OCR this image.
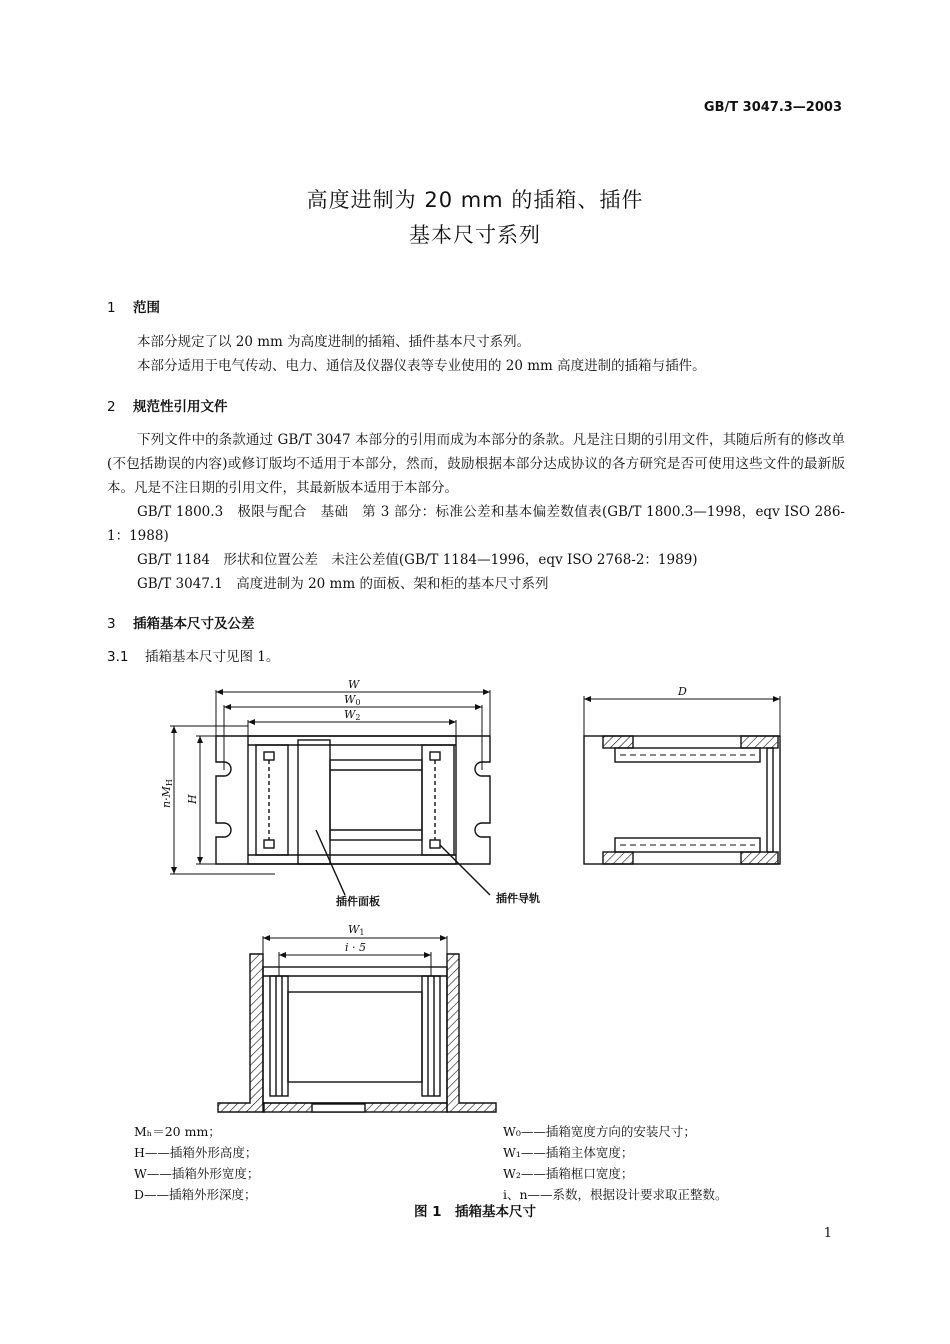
GB/T 3047.3—2003
高度进制为 20 mm 的插箱、插件
基本尺寸系列
1 范围
本部分规定了以 20 mm 为高度进制的插箱、插件基本尺寸系列。
本部分适用于电气传动、电力、通信及仪器仪表等专业使用的 20 mm 高度进制的插箱与插件。
2 规范性引用文件
下列文件中的条款通过 GB/T 3047 本部分的引用而成为本部分的条款。凡是注日期的引用文件，其随后所有的修改单(不包括勘误的内容)或修订版均不适用于本部分，然而，鼓励根据本部分达成协议的各方研究是否可使用这些文件的最新版本。凡是不注日期的引用文件，其最新版本适用于本部分。
GB/T 1800.3　极限与配合　基础　第 3 部分：标准公差和基本偏差数值表(GB/T 1800.3—1998，eqv ISO 286-1：1988)
GB/T 1184　形状和位置公差　未注公差值(GB/T 1184—1996，eqv ISO 2768-2：1989)
GB/T 3047.1　高度进制为 20 mm 的面板、架和柜的基本尺寸系列
3 插箱基本尺寸及公差
3.1 插箱基本尺寸见图 1。
W
W0
W2
n·MH
H
D
W1
i · 5
插件面板	插件导轨
Mₕ＝20 mm；
H——插箱外形高度；
W——插箱外形宽度；
D——插箱外形深度；
W₀——插箱宽度方向的安装尺寸；
W₁——插箱主体宽度；
W₂——插箱框口宽度；
i、n——系数，根据设计要求取正整数。
图 1　插箱基本尺寸
1
